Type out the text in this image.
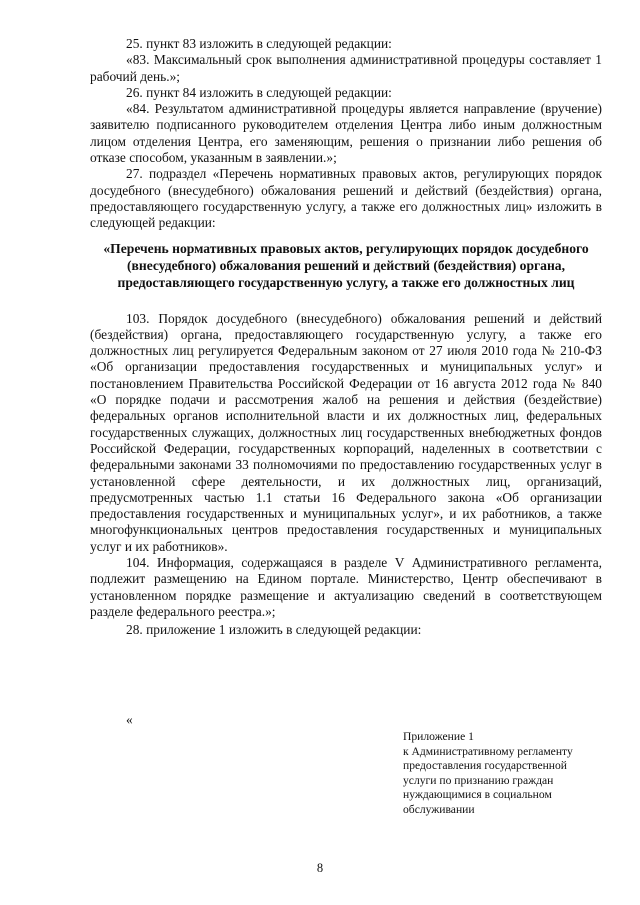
25. пункт 83 изложить в следующей редакции:

«83. Максимальный срок выполнения административной процедуры составляет 1 рабочий день.»;

26. пункт 84 изложить в следующей редакции:

«84. Результатом административной процедуры является направление (вручение) заявителю подписанного руководителем отделения Центра либо иным должностным лицом отделения Центра, его заменяющим, решения о признании либо решения об отказе способом, указанным в заявлении.»;

27. подраздел «Перечень нормативных правовых актов, регулирующих порядок досудебного (внесудебного) обжалования решений и действий (бездействия) органа, предоставляющего государственную услугу, а также его должностных лиц» изложить в следующей редакции:

«Перечень нормативных правовых актов, регулирующих порядок досудебного (внесудебного) обжалования решений и действий (бездействия) органа, предоставляющего государственную услугу, а также его должностных лиц

103. Порядок досудебного (внесудебного) обжалования решений и действий (бездействия) органа, предоставляющего государственную услугу, а также его должностных лиц регулируется Федеральным законом от 27 июля 2010 года № 210-ФЗ «Об организации предоставления государственных и муниципальных услуг» и постановлением Правительства Российской Федерации от 16 августа 2012 года № 840 «О порядке подачи и рассмотрения жалоб на решения и действия (бездействие) федеральных органов исполнительной власти и их должностных лиц, федеральных государственных служащих, должностных лиц государственных внебюджетных фондов Российской Федерации, государственных корпораций, наделенных в соответствии с федеральными законами 33 полномочиями по предоставлению государственных услуг в установленной сфере деятельности, и их должностных лиц, организаций, предусмотренных частью 1.1 статьи 16 Федерального закона «Об организации предоставления государственных и муниципальных услуг», и их работников, а также многофункциональных центров предоставления государственных и муниципальных услуг и их работников».

104. Информация, содержащаяся в разделе V Административного регламента, подлежит размещению на Едином портале. Министерство, Центр обеспечивают в установленном порядке размещение и актуализацию сведений в соответствующем разделе федерального реестра.»;

28. приложение 1 изложить в следующей редакции:

«
Приложение 1
к Административному регламенту
предоставления государственной
услуги по признанию граждан
нуждающимися в социальном
обслуживании
8
